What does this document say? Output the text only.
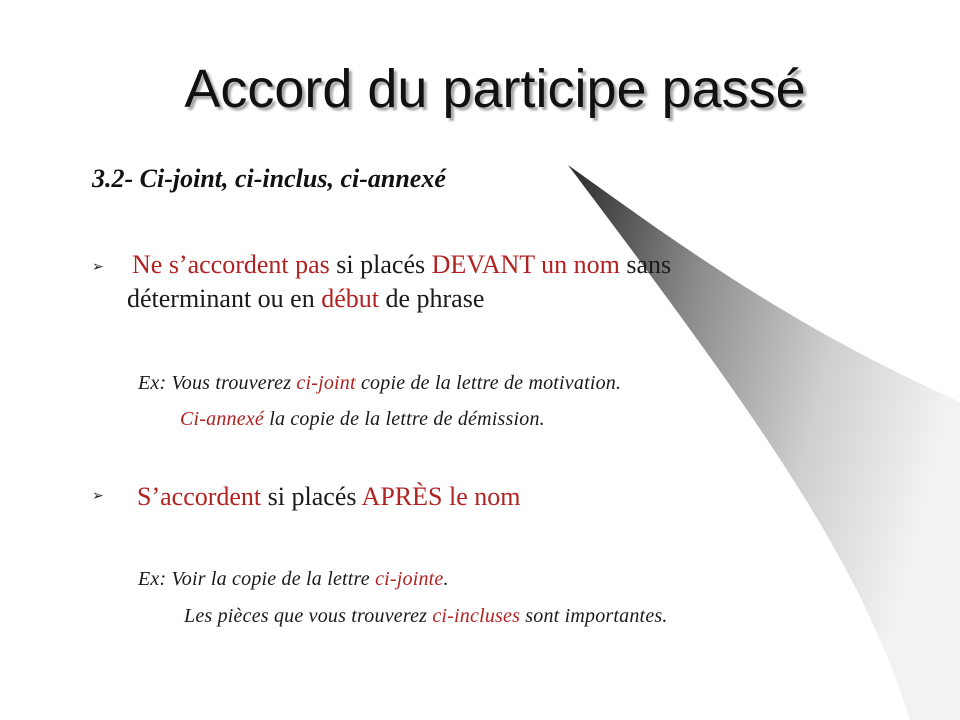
Accord du participe passé
3.2- Ci-joint, ci-inclus, ci-annexé
➢ Ne s’accordent pas si placés DEVANT un nom sans
déterminant ou en début de phrase
Ex: Vous trouverez ci-joint copie de la lettre de motivation.
Ci-annexé la copie de la lettre de démission.
➢ S’accordent si placés APRÈS le nom
Ex: Voir la copie de la lettre ci-jointe.
Les pièces que vous trouverez ci-incluses sont importantes.
